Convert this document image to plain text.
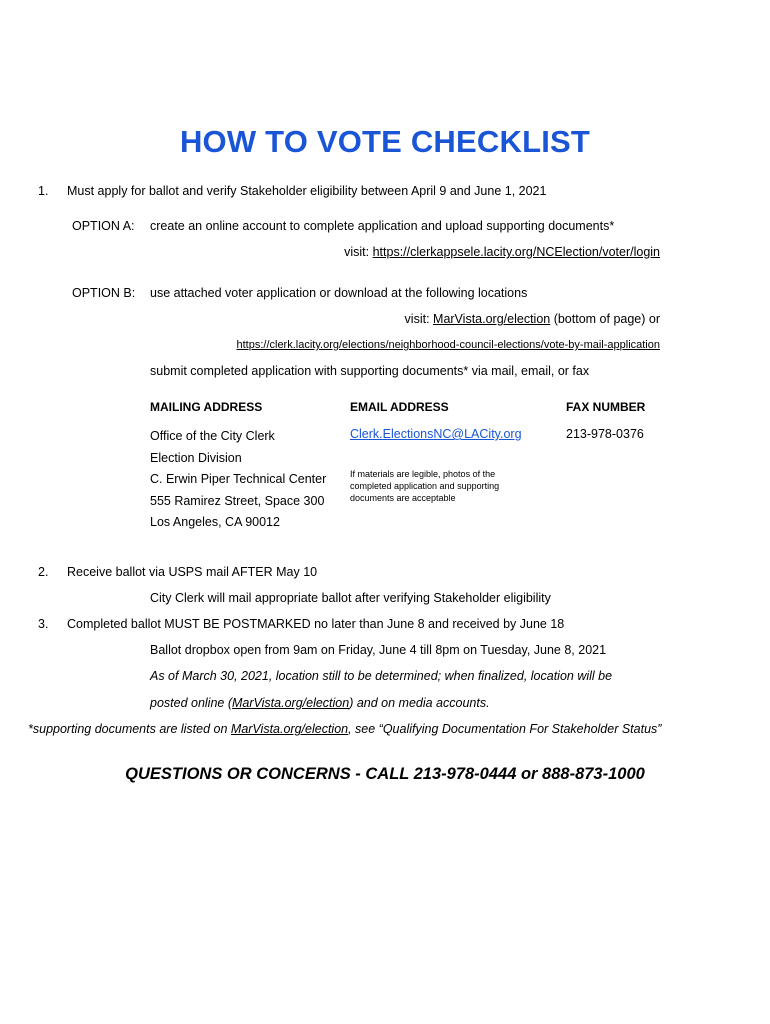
HOW TO VOTE CHECKLIST
1. Must apply for ballot and verify Stakeholder eligibility between April 9 and June 1, 2021
OPTION A: create an online account to complete application and upload supporting documents*
visit: https://clerkappsele.lacity.org/NCElection/voter/login
OPTION B: use attached voter application or download at the following locations
visit: MarVista.org/election (bottom of page) or
https://clerk.lacity.org/elections/neighborhood-council-elections/vote-by-mail-application
submit completed application with supporting documents* via mail, email, or fax
MAILING ADDRESS	EMAIL ADDRESS	FAX NUMBER
Office of the City Clerk
Election Division
C. Erwin Piper Technical Center
555 Ramirez Street, Space 300
Los Angeles, CA 90012
Clerk.ElectionsNC@LACity.org
If materials are legible, photos of the completed application and supporting documents are acceptable
213-978-0376
2. Receive ballot via USPS mail AFTER May 10
City Clerk will mail appropriate ballot after verifying Stakeholder eligibility
3. Completed ballot MUST BE POSTMARKED no later than June 8 and received by June 18
Ballot dropbox open from 9am on Friday, June 4 till 8pm on Tuesday, June 8, 2021
As of March 30, 2021, location still to be determined; when finalized, location will be
posted online (MarVista.org/election) and on media accounts.
*supporting documents are listed on MarVista.org/election, see “Qualifying Documentation For Stakeholder Status”
QUESTIONS OR CONCERNS - CALL 213-978-0444 or 888-873-1000
